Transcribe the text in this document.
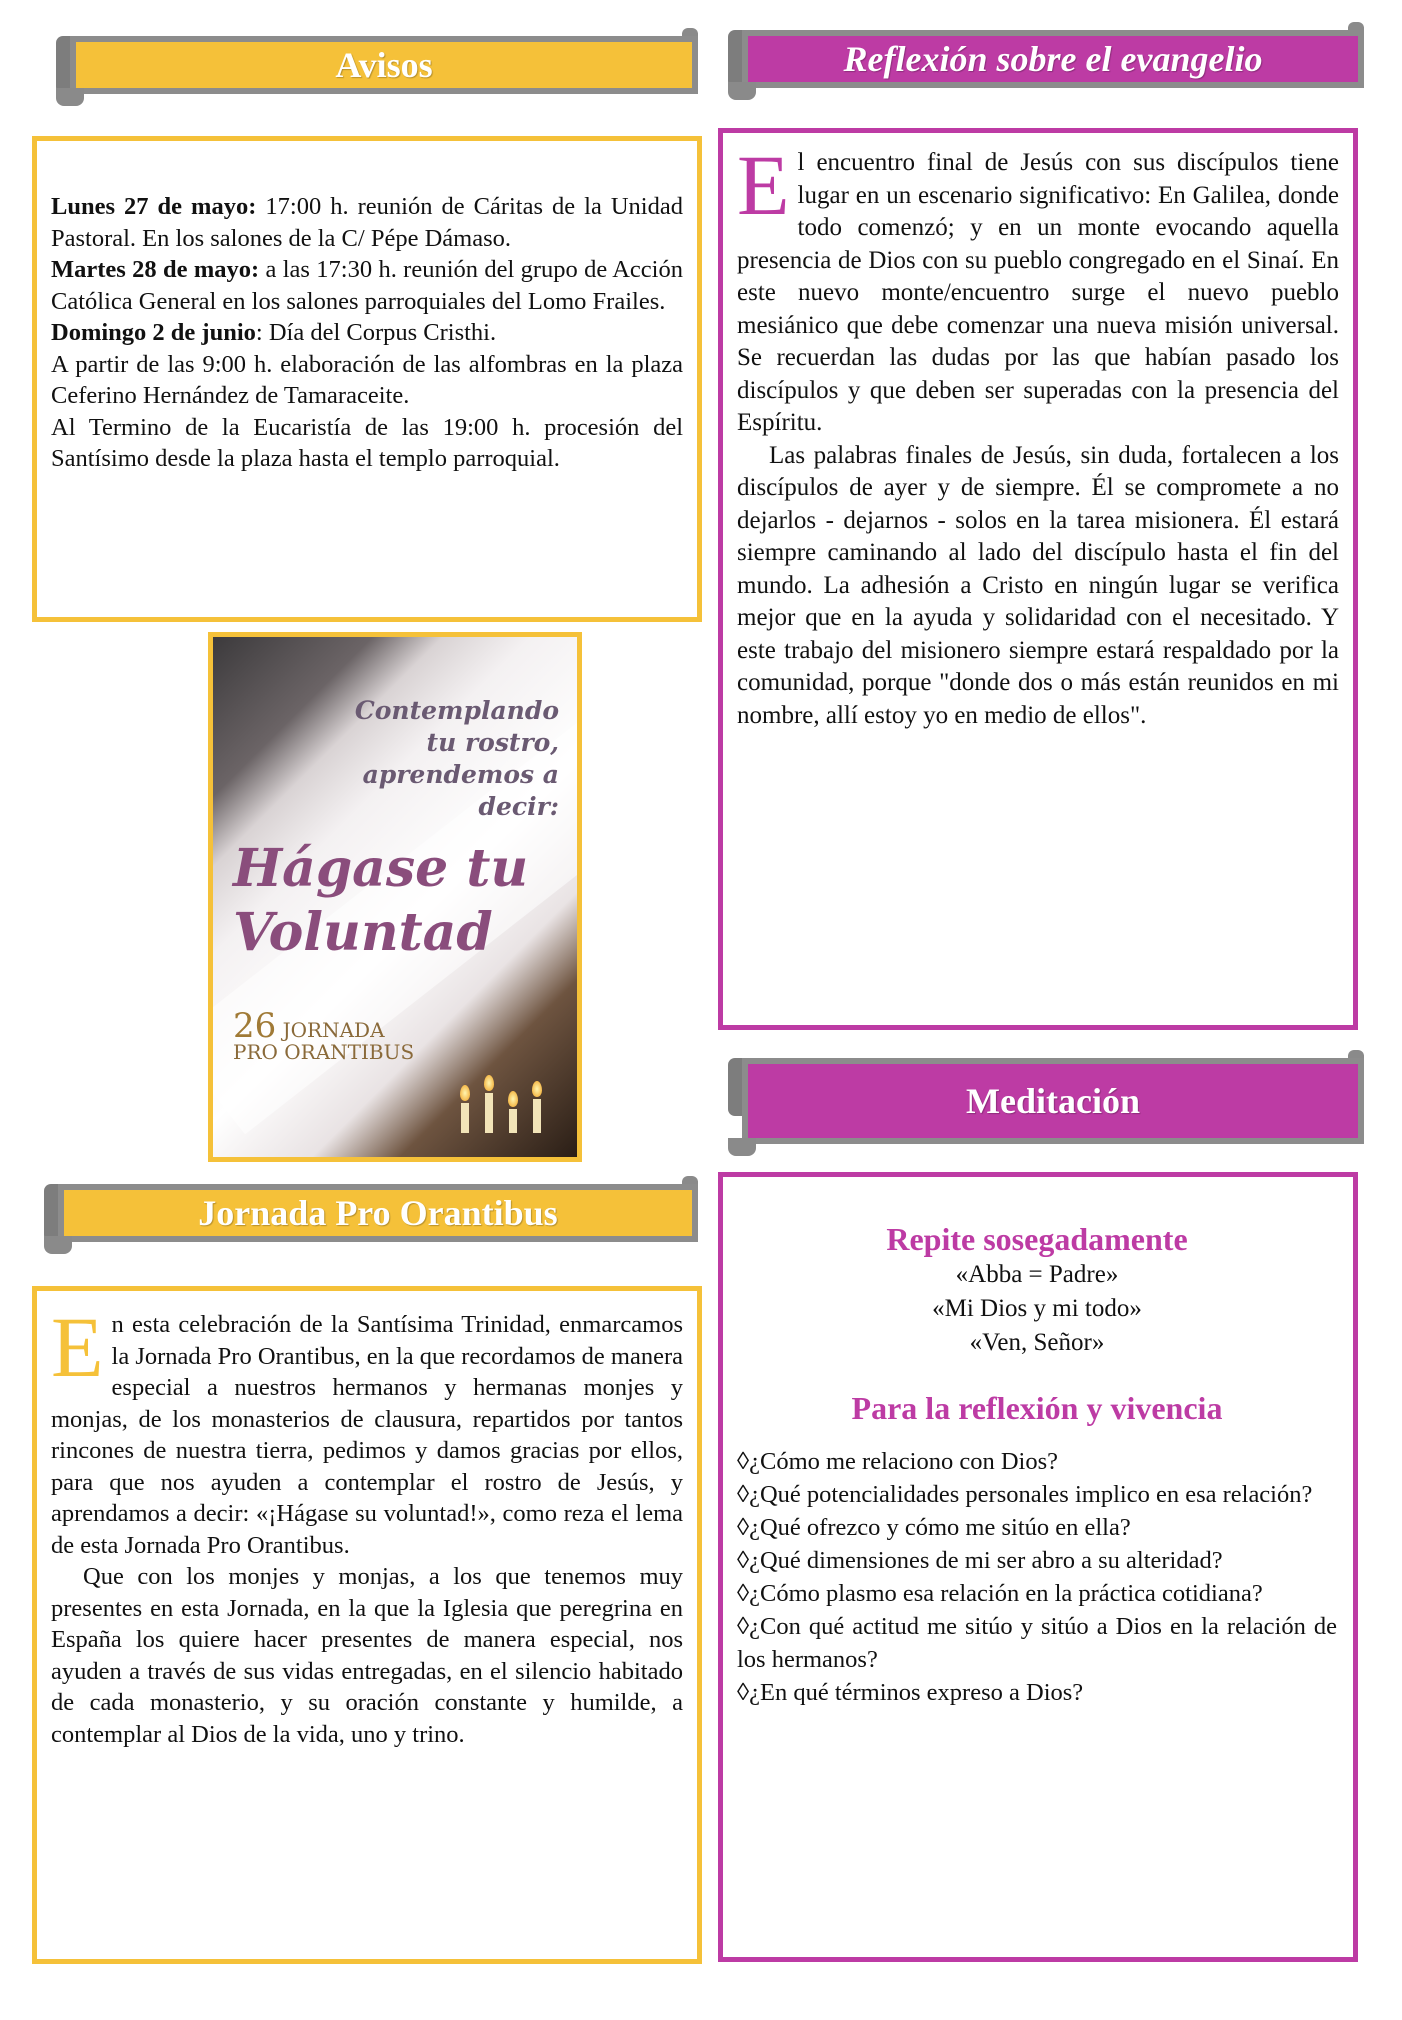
Avisos

Lunes 27 de mayo: 17:00 h. reunión de Cáritas de la Unidad Pastoral. En los salones de la C/ Pépe Dámaso.

Martes 28 de mayo: a las 17:30 h. reunión del grupo de Acción Católica General en los salones parroquiales del Lomo Frailes.

Domingo 2 de junio: Día del Corpus Cristhi.

A partir de las 9:00 h. elaboración de las alfombras en la plaza Ceferino Hernández de Tamaraceite.

Al Termino de la Eucaristía de las 19:00 h. procesión del Santísimo desde la plaza hasta el templo parroquial.

Contemplando tu rostro, aprendemos a decir:
Hágase tu Voluntad
26 JORNADA
PRO ORANTIBUS
Jornada Pro Orantibus

En esta celebración de la Santísima Trinidad, enmarcamos la Jornada Pro Orantibus, en la que recordamos de manera especial a nuestros hermanos y hermanas monjes y monjas, de los monasterios de clausura, repartidos por tantos rincones de nuestra tierra, pedimos y damos gracias por ellos, para que nos ayuden a contemplar el rostro de Jesús, y aprendamos a decir: «¡Hágase su voluntad!», como reza el lema de esta Jornada Pro Orantibus.

Que con los monjes y monjas, a los que tenemos muy presentes en esta Jornada, en la que la Iglesia que peregrina en España los quiere hacer presentes de manera especial, nos ayuden a través de sus vidas entregadas, en el silencio habitado de cada monasterio, y su oración constante y humilde, a contemplar al Dios de la vida, uno y trino.

Reflexión sobre el evangelio

El encuentro final de Jesús con sus discípulos tiene lugar en un escenario significativo: En Galilea, donde todo comenzó; y en un monte evocando aquella presencia de Dios con su pueblo congregado en el Sinaí. En este nuevo monte/encuentro surge el nuevo pueblo mesiánico que debe comenzar una nueva misión universal. Se recuerdan las dudas por las que habían pasado los discípulos y que deben ser superadas con la presencia del Espíritu.

Las palabras finales de Jesús, sin duda, fortalecen a los discípulos de ayer y de siempre. Él se compromete a no dejarlos - dejarnos - solos en la tarea misionera. Él estará siempre caminando al lado del discípulo hasta el fin del mundo. La adhesión a Cristo en ningún lugar se verifica mejor que en la ayuda y solidaridad con el necesitado. Y este trabajo del misionero siempre estará respaldado por la comunidad, porque "donde dos o más están reunidos en mi nombre, allí estoy yo en medio de ellos".

Meditación

Repite sosegadamente

«Abba = Padre»

«Mi Dios y mi todo»

«Ven, Señor»

Para la reflexión y vivencia

◊¿Cómo me relaciono con Dios?
◊¿Qué potencialidades personales implico en esa relación?
◊¿Qué ofrezco y cómo me sitúo en ella?
◊¿Qué dimensiones de mi ser abro a su alteridad?
◊¿Cómo plasmo esa relación en la práctica cotidiana?
◊¿Con qué actitud me sitúo y sitúo a Dios en la relación de los hermanos?
◊¿En qué términos expreso a Dios?
